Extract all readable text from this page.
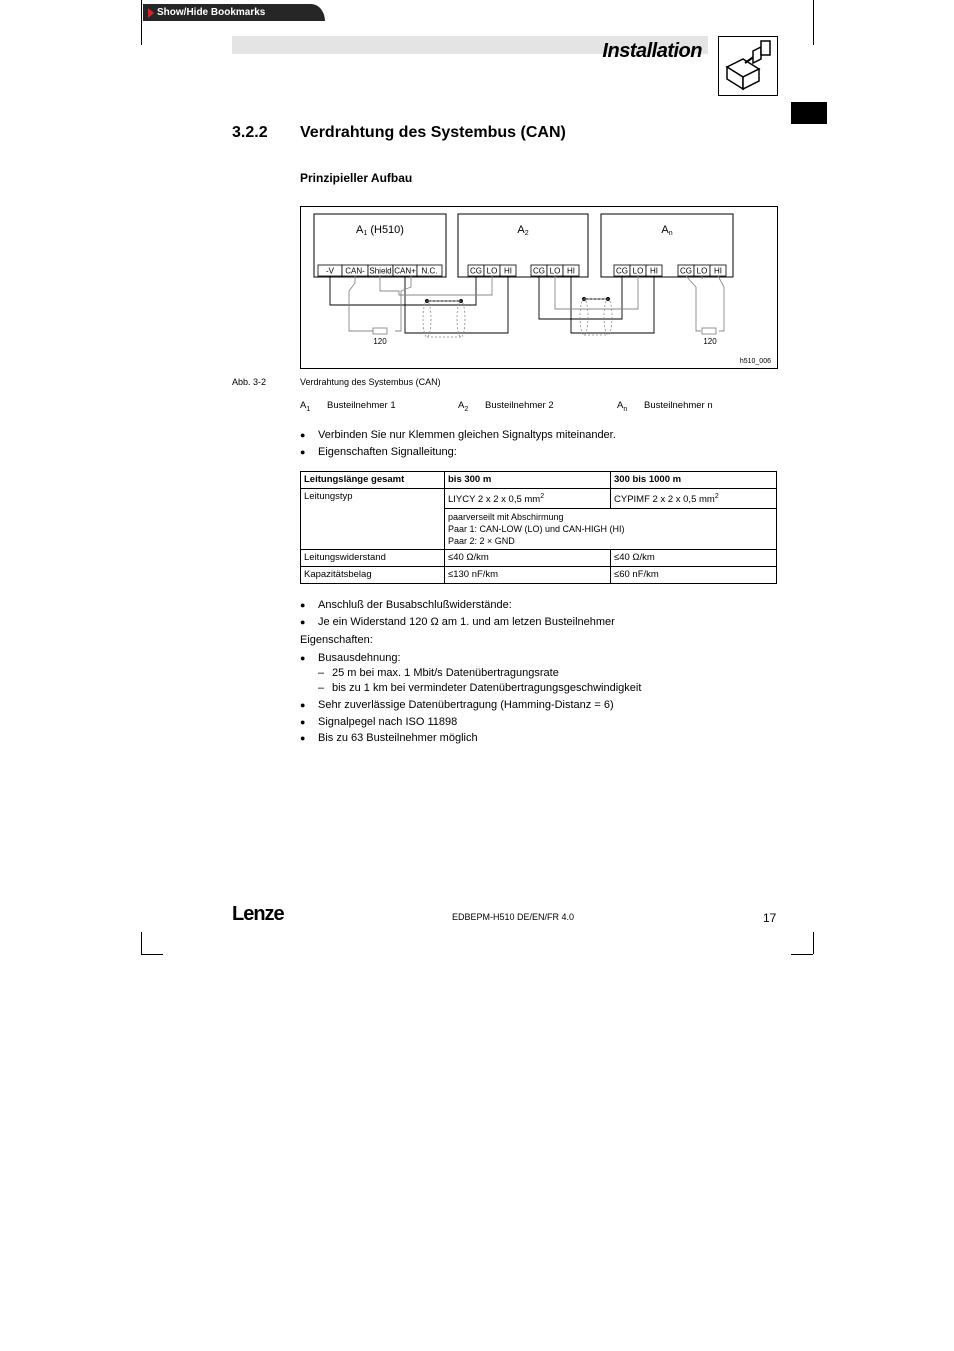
Show/Hide Bookmarks
Installation
3.2.2 Verdrahtung des Systembus (CAN)
Prinzipieller Aufbau
A1 (H510)	A2	An
-V CAN- Shield CAN+ N.C.	CG LO HI	CG LO HI	CG LO HI	CG LO HI
120	120
h510_006
Abb. 3-2	Verdrahtung des Systembus (CAN)
$A_1$ Busteilnehmer 1	$A_2$ Busteilnehmer 2	$A_n$ Busteilnehmer n
● Verbinden Sie nur Klemmen gleichen Signaltyps miteinander.
● Eigenschaften Signalleitung:
Leitungslänge gesamt	bis 300 m	300 bis 1000 m
Leitungstyp	LIYCY 2 x 2 x 0,5 $mm^2$	CYPIMF 2 x 2 x 0,5 $mm^2$

	paarverseilt mit Abschirmung
Paar 1: CAN-LOW (LO) und CAN-HIGH (HI)
Paar 2: 2 × GND	

Leitungswiderstand	≤40 Ω/km	≤40 Ω/km
Kapazitätsbelag	≤130 nF/km	≤60 nF/km
● Anschluß der Busabschlußwiderstände:
● Je ein Widerstand 120 Ω am 1. und am letzen Busteilnehmer
Eigenschaften:
● Busausdehnung:
– 25 m bei max. 1 Mbit/s Datenübertragungsrate
– bis zu 1 km bei vermindeter Datenübertragungsgeschwindigkeit
● Sehr zuverlässige Datenübertragung (Hamming-Distanz = 6)
● Signalpegel nach ISO 11898
● Bis zu 63 Busteilnehmer möglich
Lenze	EDBEPM-H510 DE/EN/FR 4.0	17
